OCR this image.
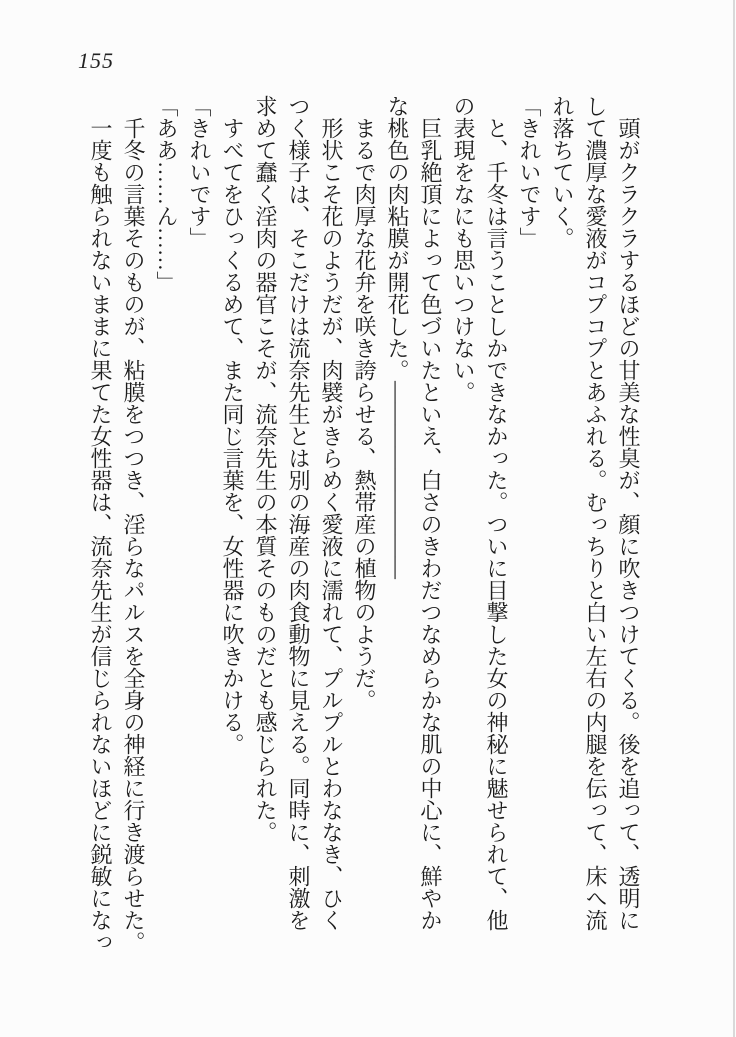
155
　頭がクラクラするほどの甘美な性臭が、顔に吹きつけてくる。後を追って、透明に
して濃厚な愛液がコプコプとあふれる。むっちりと白い左右の内腿を伝って、床へ流
れ落ちていく。
「きれいです」
　と、千冬は言うことしかできなかった。ついに目撃した女の神秘に魅せられて、他
の表現をなにも思いつけない。
　巨乳絶頂によって色づいたといえ、白さのきわだつなめらかな肌の中心に、鮮やか
な桃色の肉粘膜が開花した。―――――――――
　まるで肉厚な花弁を咲き誇らせる、熱帯産の植物のようだ。
　形状こそ花のようだが、肉襞がきらめく愛液に濡れて、プルプルとわななき、ひく
つく様子は、そこだけは流奈先生とは別の海産の肉食動物に見える。同時に、刺激を
求めて蠢く淫肉の器官こそが、流奈先生の本質そのものだとも感じられた。
　すべてをひっくるめて、また同じ言葉を、女性器に吹きかける。
「きれいです」
「ああ……ん……」
　千冬の言葉そのものが、粘膜をつつき、淫らなパルスを全身の神経に行き渡らせた。
　一度も触られないままに果てた女性器は、流奈先生が信じられないほどに鋭敏になっ
